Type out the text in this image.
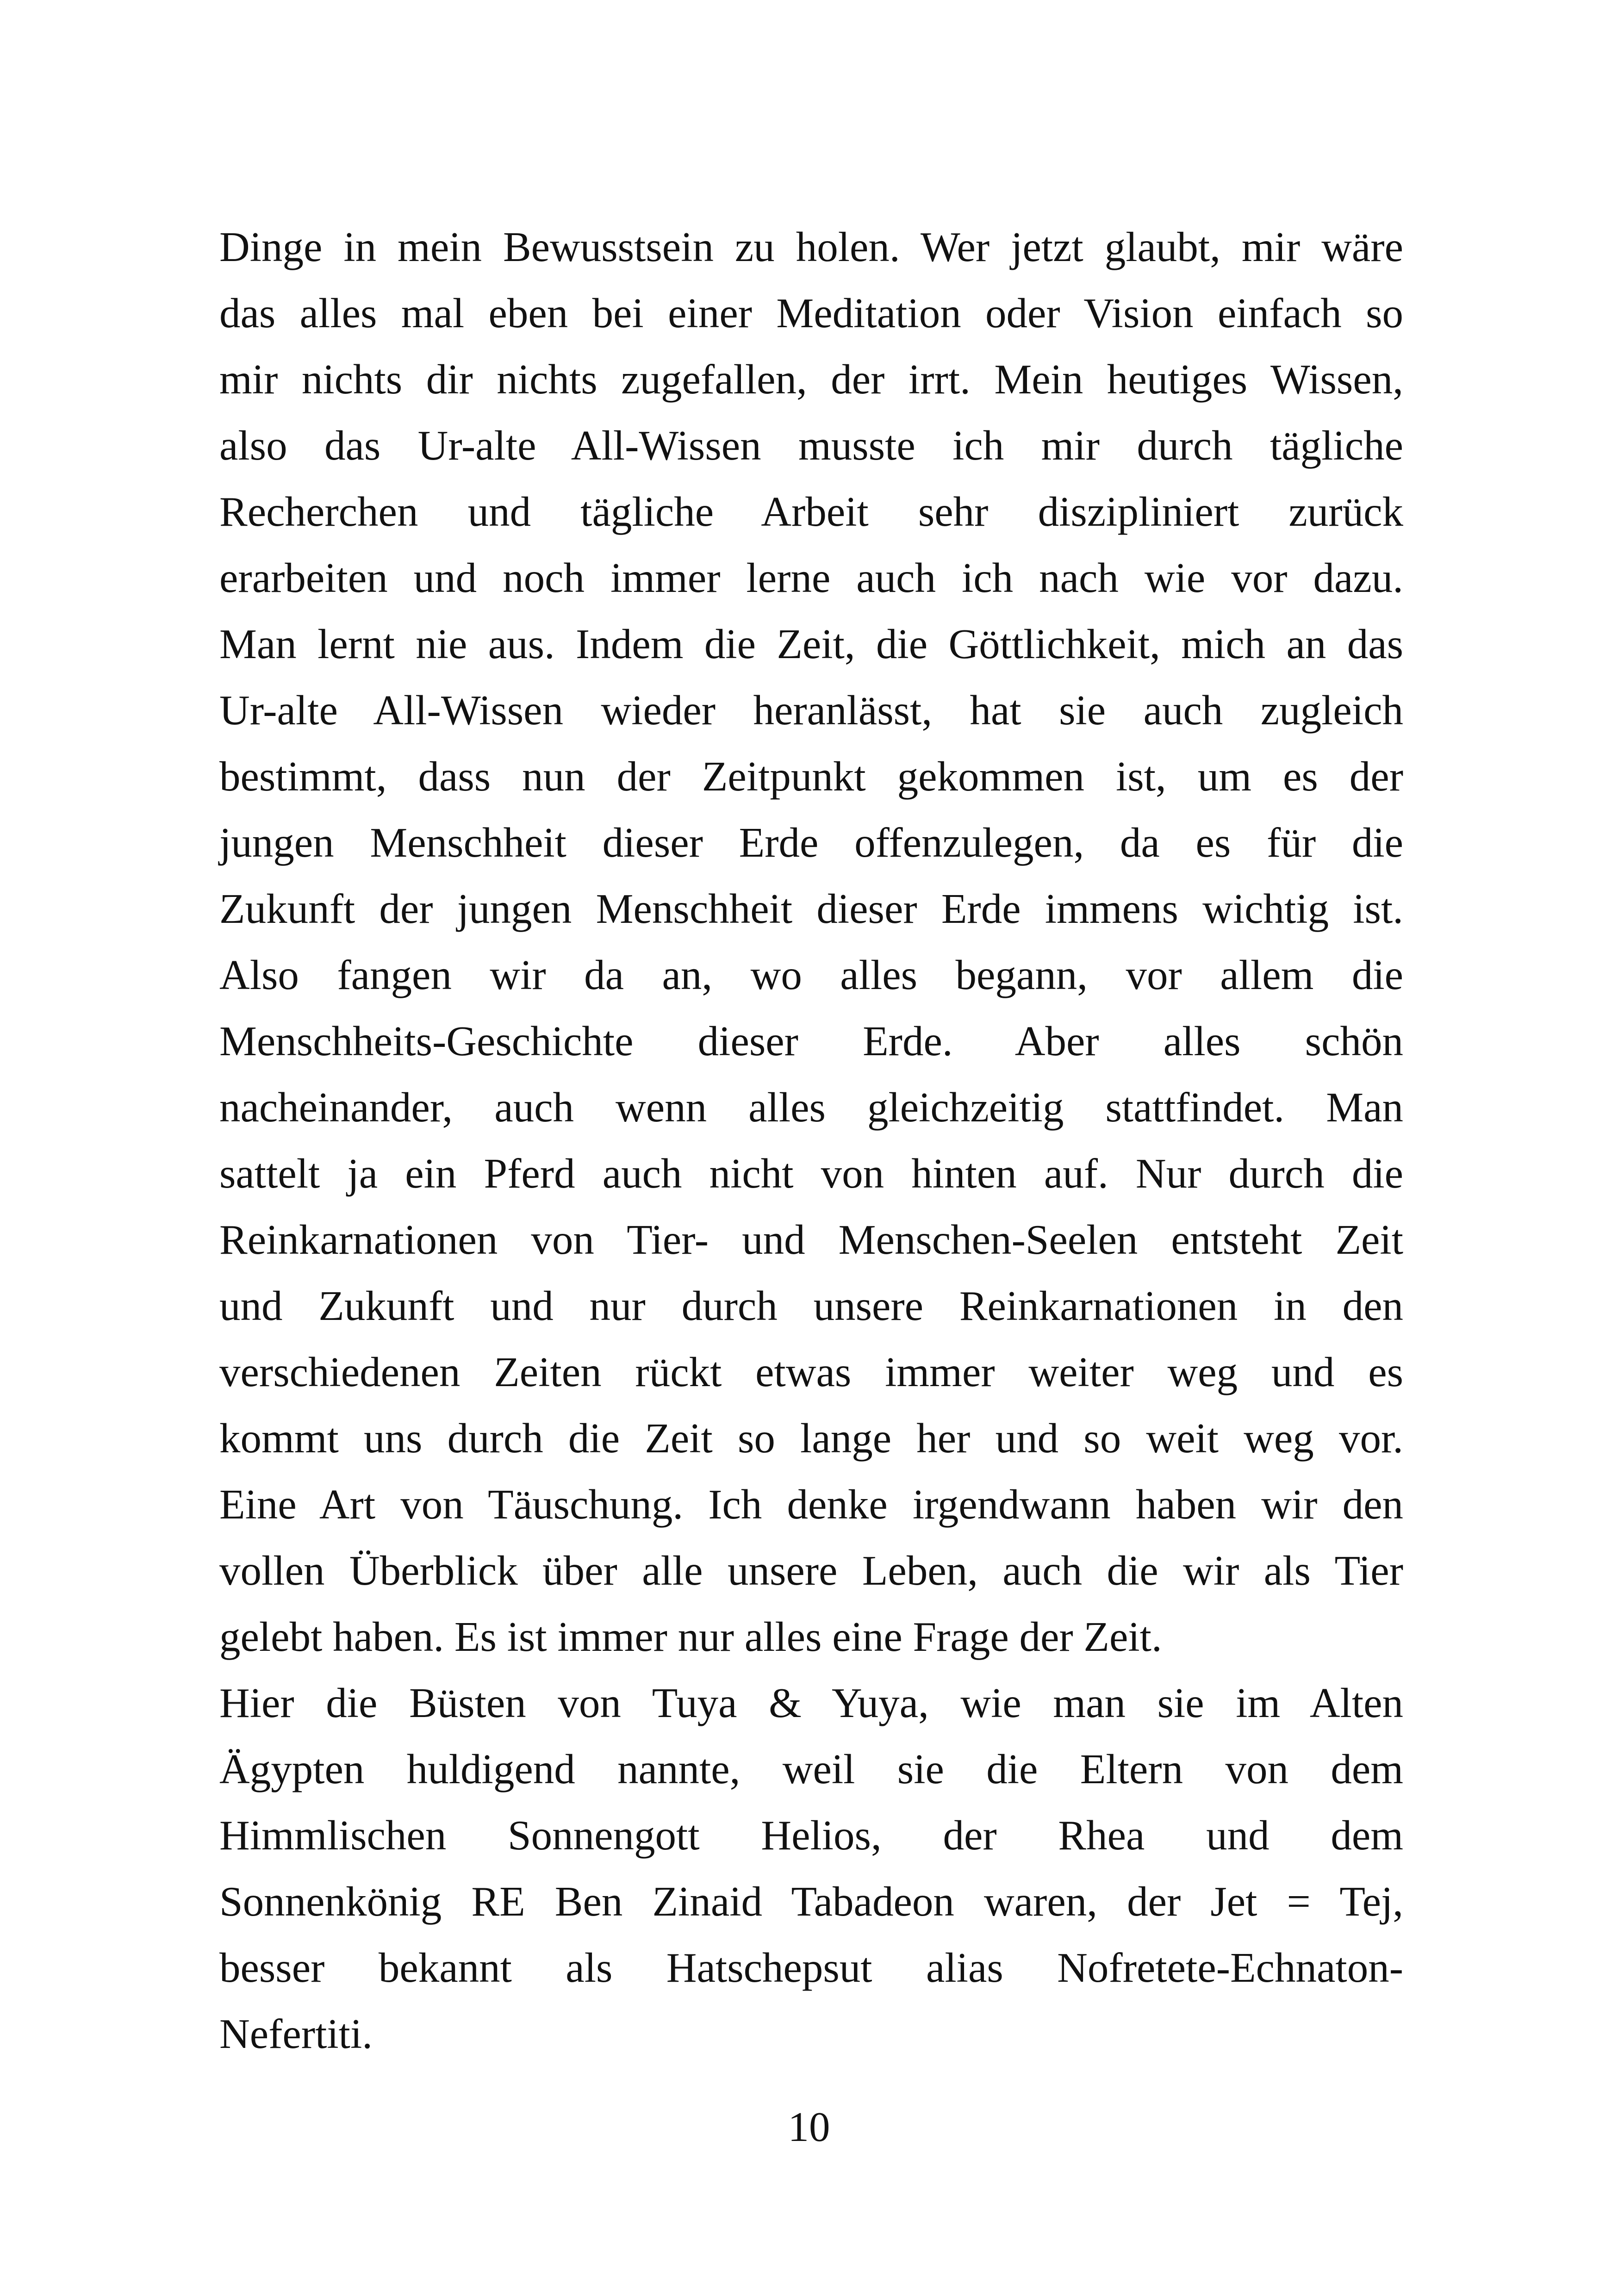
Dinge in mein Bewusstsein zu holen. Wer jetzt glaubt, mir wäre
das alles mal eben bei einer Meditation oder Vision einfach so
mir nichts dir nichts zugefallen, der irrt. Mein heutiges Wissen,
also das Ur-alte All-Wissen musste ich mir durch tägliche
Recherchen und tägliche Arbeit sehr diszipliniert zurück
erarbeiten und noch immer lerne auch ich nach wie vor dazu.
Man lernt nie aus. Indem die Zeit, die Göttlichkeit, mich an das
Ur-alte All-Wissen wieder heranlässt, hat sie auch zugleich
bestimmt, dass nun der Zeitpunkt gekommen ist, um es der
jungen Menschheit dieser Erde offenzulegen, da es für die
Zukunft der jungen Menschheit dieser Erde immens wichtig ist.
Also fangen wir da an, wo alles begann, vor allem die
Menschheits-Geschichte dieser Erde. Aber alles schön
nacheinander, auch wenn alles gleichzeitig stattfindet. Man
sattelt ja ein Pferd auch nicht von hinten auf. Nur durch die
Reinkarnationen von Tier- und Menschen-Seelen entsteht Zeit
und Zukunft und nur durch unsere Reinkarnationen in den
verschiedenen Zeiten rückt etwas immer weiter weg und es
kommt uns durch die Zeit so lange her und so weit weg vor.
Eine Art von Täuschung. Ich denke irgendwann haben wir den
vollen Überblick über alle unsere Leben, auch die wir als Tier
gelebt haben. Es ist immer nur alles eine Frage der Zeit.
Hier die Büsten von Tuya & Yuya, wie man sie im Alten
Ägypten huldigend nannte, weil sie die Eltern von dem
Himmlischen Sonnengott Helios, der Rhea und dem
Sonnenkönig RE Ben Zinaid Tabadeon waren, der Jet = Tej,
besser bekannt als Hatschepsut alias Nofretete-Echnaton-
Nefertiti.
10
